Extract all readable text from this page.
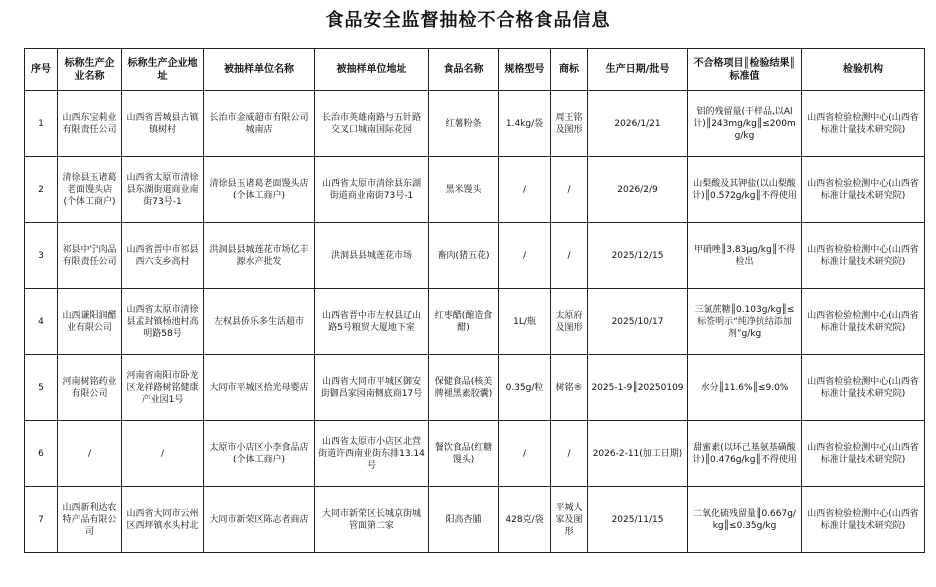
食品安全监督抽检不合格食品信息
序号	标称生产企业名称	标称生产企业地址	被抽样单位名称	被抽样单位地址	食品名称	规格型号	商标	生产日期/批号	不合格项目║检验结果║标准值	检验机构
1	山西东宝莉业有限责任公司	山西省晋城县古镇镇树村	长治市金威超市有限公司城南店	长治市英雄南路与五针路交叉口城南国际花园	红薯粉条	1.4kg/袋	周王铭及图形	2026/1/21	铝的残留量(干样品,以Al计)║243mg/kg║≤200mg/kg	山西省检验检测中心(山西省标准计量技术研究院)
2	清徐县玉诸葛老面馒头店(个体工商户)	山西省太原市清徐县东湖街道商业南街73号-1	清徐县玉诸葛老面馒头店(个体工商户)	山西省太原市清徐县东湖街道商业南街73号-1	黑米馒头	/	/	2026/2/9	山梨酸及其钾盐(以山梨酸计)║0.572g/kg║不得使用	山西省检验检测中心(山西省标准计量技术研究院)
3	祁县中宁肉品有限责任公司	山西省晋中市祁县西六支乡高村	洪洞县县城莲花市场亿丰源水产批发	洪洞县县城莲花市场	畜肉(猪五花)	/	/	2025/12/15	甲硝唑║3.83μg/kg║不得检出	山西省检验检测中心(山西省标准计量技术研究院)
4	山西谦阳润醋业有限公司	山西省太原市清徐县孟封镇杨池村高明路58号	左权县侨乐多生活超市	山西省晋中市左权县辽山路5号粮贸大厦地下室	红枣醋(酿造食醋)	1L/瓶	太原府及图形	2025/10/17	三氯蔗糖║0.103g/kg║≤标签明示“纯净抗结添加剂”g/kg	山西省检验检测中心(山西省标准计量技术研究院)
5	河南树铭药业有限公司	河南省南阳市卧龙区龙祥路树铭健康产业园1号	大同市平城区拾光母婴店	山西省大同市平城区御安街御昌家园南侧底商17号	保健食品(核美牌褪黑素胶囊)	0.35g/粒	树铭®	2025-1-9║20250109	水分║11.6%║≤9.0%	山西省检验检测中心(山西省标准计量技术研究院)
6	/	/	太原市小店区小李食品店(个体工商户)	山西省太原市小店区北营街道许西南业街东排13.14号	餐饮食品(红糖馒头)	/	/	2026-2-11(加工日期)	甜蜜素(以环己基氨基磺酸计)║0.476g/kg║不得使用	山西省检验检测中心(山西省标准计量技术研究院)
7	山西新利达农特产品有限公司	山西省大同市云州区西坪镇水头村北	大同市新荣区陈志者商店	大同市新荣区长城京街城管面第二家	阳高杏脯	428克/袋	平城人家及图形	2025/11/15	二氧化硫残留量║0.667g/kg║≤0.35g/kg	山西省检验检测中心(山西省标准计量技术研究院)
